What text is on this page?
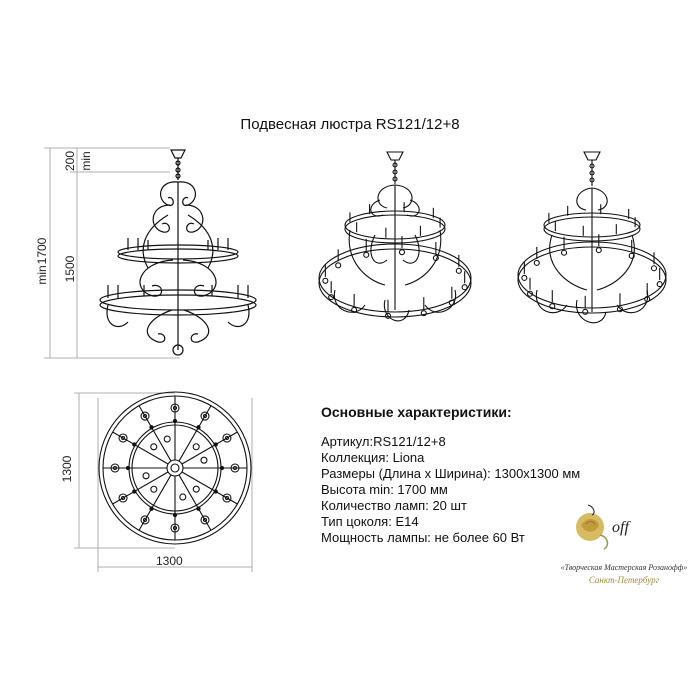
Подвесная люстра RS121/12+8
1700
200 min
1500
min
1300
1300
Основные характеристики:
Артикул:RS121/12+8
Коллекция: Liona
Размеры (Длина х Ширина): 1300х1300 мм
Высота min: 1700 мм
Количество ламп: 20 шт
Тип цоколя: E14
Мощность лампы: не более 60 Вт
off
«Творческая Мастерская Розанофф»
Санкт-Петербург
